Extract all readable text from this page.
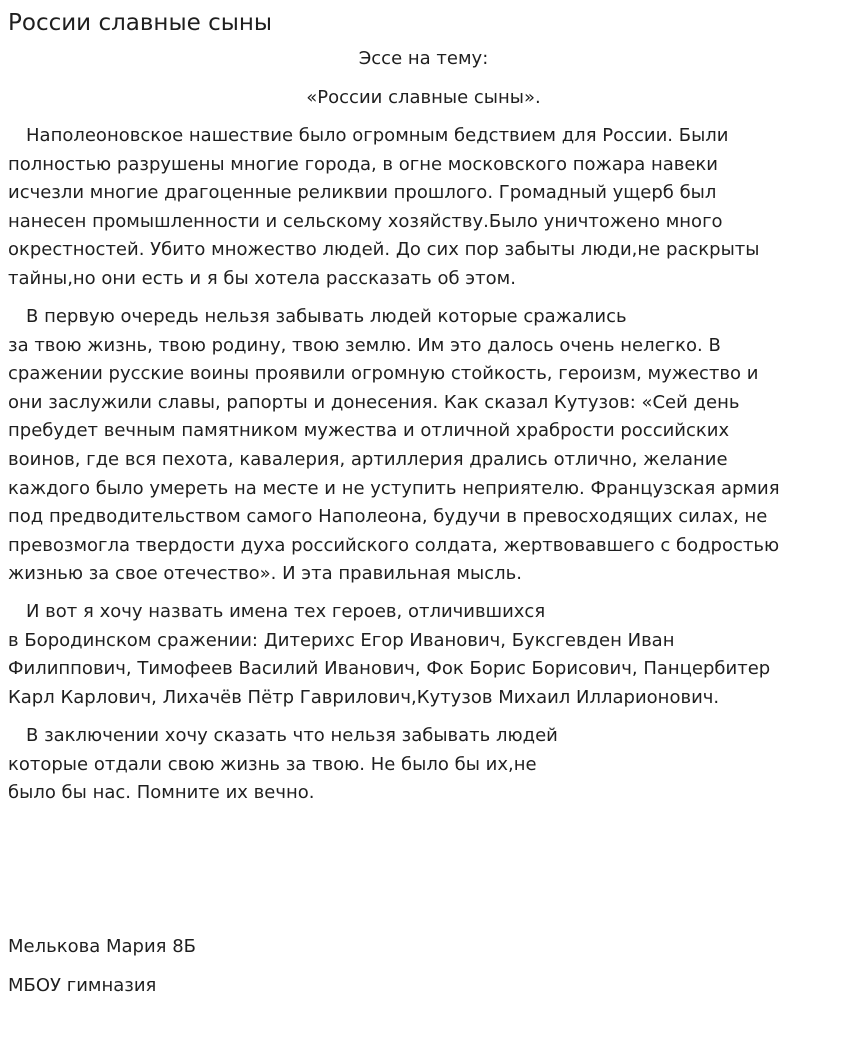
России славные сыны
Эссе на тему:
«России славные сыны».
Наполеоновское нашествие было огромным бедствием для России. Были
полностью разрушены многие города, в огне московского пожара навеки
исчезли многие драгоценные реликвии прошлого. Громадный ущерб был
нанесен промышленности и сельскому хозяйству.Было уничтожено много
окрестностей. Убито множество людей. До сих пор забыты люди,не раскрыты
тайны,но они есть и я бы хотела рассказать об этом.
В первую очередь нельзя забывать людей которые сражались
за твою жизнь, твою родину, твою землю. Им это далось очень нелегко. В
сражении русские воины проявили огромную стойкость, героизм, мужество и
они заслужили славы, рапорты и донесения. Как сказал Кутузов: «Сей день
пребудет вечным памятником мужества и отличной храбрости российских
воинов, где вся пехота, кавалерия, артиллерия дрались отлично, желание
каждого было умереть на месте и не уступить неприятелю. Французская армия
под предводительством самого Наполеона, будучи в превосходящих силах, не
превозмогла твердости духа российского солдата, жертвовавшего с бодростью
жизнью за свое отечество». И эта правильная мысль.
И вот я хочу назвать имена тех героев, отличившихся
в Бородинском сражении: Дитерихс Егор Иванович, Буксгевден Иван
Филиппович, Тимофеев Василий Иванович, Фок Борис Борисович, Панцербитер
Карл Карлович, Лихачёв Пётр Гаврилович,Кутузов Михаил Илларионович.
В заключении хочу сказать что нельзя забывать людей
которые отдали свою жизнь за твою. Не было бы их,не
было бы нас. Помните их вечно.
Мелькова Мария 8Б
МБОУ гимназия
